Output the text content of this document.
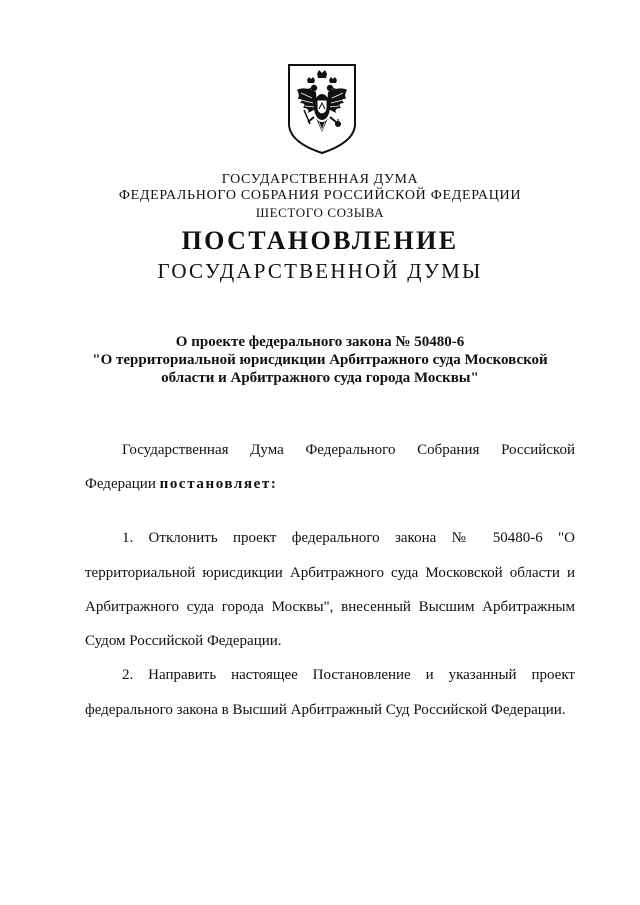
ГОСУДАРСТВЕННАЯ ДУМА
ФЕДЕРАЛЬНОГО СОБРАНИЯ РОССИЙСКОЙ ФЕДЕРАЦИИ
ШЕСТОГО СОЗЫВА
ПОСТАНОВЛЕНИЕ
ГОСУДАРСТВЕННОЙ ДУМЫ
О проекте федерального закона № 50480-6
"О территориальной юрисдикции Арбитражного суда Московской
области и Арбитражного суда города Москвы"
Государственная Дума Федерального Собрания Российской
Федерации постановляет:
1. Отклонить проект федерального закона № 50480-6 "О
территориальной юрисдикции Арбитражного суда Московской области и
Арбитражного суда города Москвы", внесенный Высшим Арбитражным
Судом Российской Федерации.
2. Направить настоящее Постановление и указанный проект
федерального закона в Высший Арбитражный Суд Российской Федерации.
